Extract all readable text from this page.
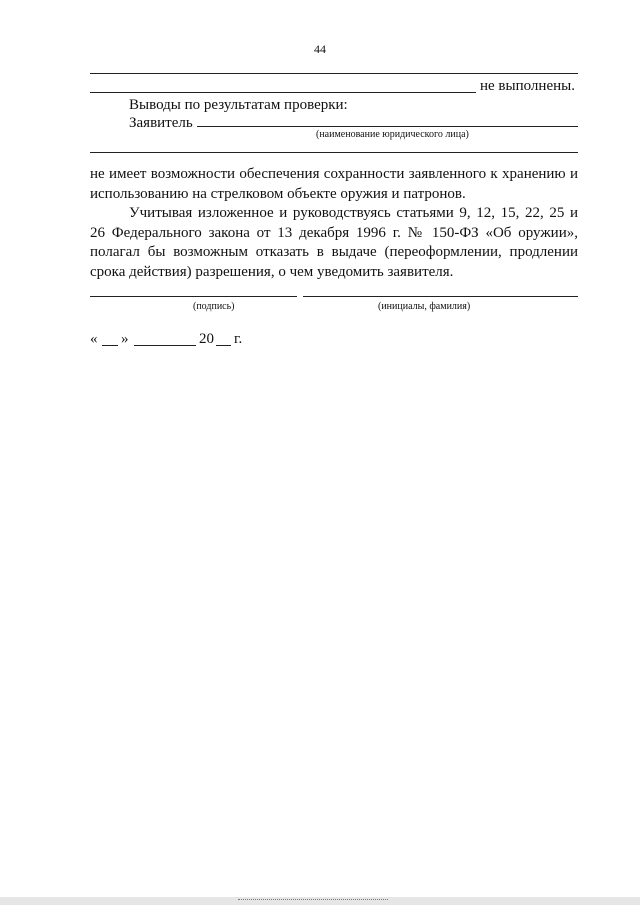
44
не выполнены.
Выводы по результатам проверки:
Заявитель
(наименование юридического лица)
не имеет возможности обеспечения сохранности заявленного к хранению и использованию на стрелковом объекте оружия и патронов.
Учитывая изложенное и руководствуясь статьями 9, 12, 15, 22, 25 и 26 Федерального закона от 13 декабря 1996 г. № 150-ФЗ «Об оружии», полагал бы возможным отказать в выдаче (переоформлении, продлении срока действия) разрешения, о чем уведомить заявителя.
(подпись)	(инициалы, фамилия)
« »	20 г.
